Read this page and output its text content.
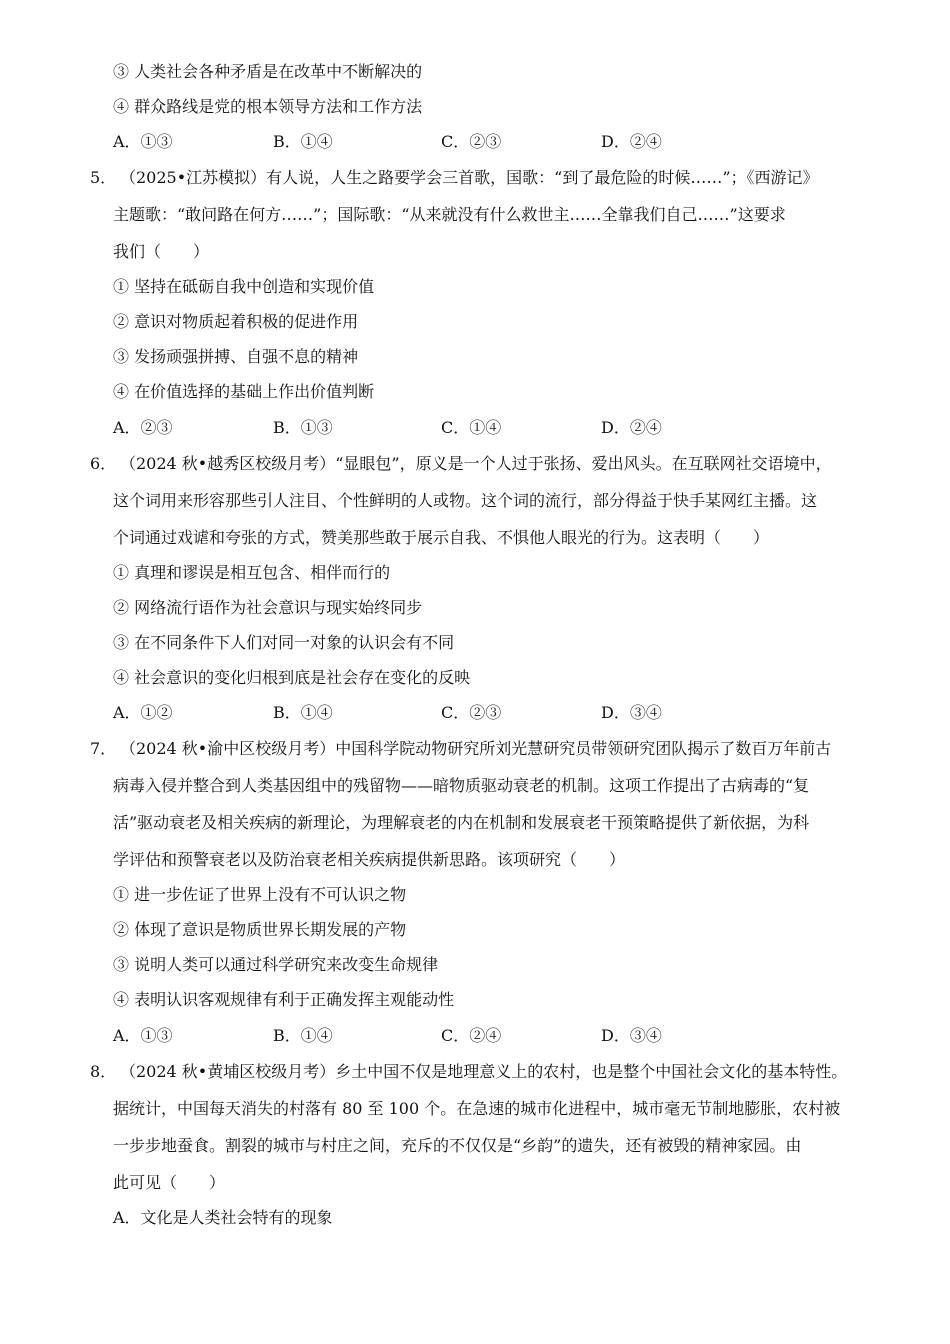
③ 人类社会各种矛盾是在改革中不断解决的
④ 群众路线是党的根本领导方法和工作方法
A．①③	B．①④	C．②③	D．②④
5． （2025•江苏模拟）有人说，人生之路要学会三首歌，国歌：“到了最危险的时候……”；《西游记》
主题歌：“敢问路在何方……”；国际歌：“从来就没有什么救世主……全靠我们自己……”这要求
我们（　　）
① 坚持在砥砺自我中创造和实现价值
② 意识对物质起着积极的促进作用
③ 发扬顽强拼搏、自强不息的精神
④ 在价值选择的基础上作出价值判断
A．②③	B．①③	C．①④	D．②④
6． （2024 秋•越秀区校级月考）“显眼包”，原义是一个人过于张扬、爱出风头。在互联网社交语境中，
这个词用来形容那些引人注目、个性鲜明的人或物。这个词的流行，部分得益于快手某网红主播。这
个词通过戏谑和夸张的方式，赞美那些敢于展示自我、不惧他人眼光的行为。这表明（　　）
① 真理和谬误是相互包含、相伴而行的
② 网络流行语作为社会意识与现实始终同步
③ 在不同条件下人们对同一对象的认识会有不同
④ 社会意识的变化归根到底是社会存在变化的反映
A．①②	B．①④	C．②③	D．③④
7． （2024 秋•渝中区校级月考）中国科学院动物研究所刘光慧研究员带领研究团队揭示了数百万年前古
病毒入侵并整合到人类基因组中的残留物——暗物质驱动衰老的机制。这项工作提出了古病毒的“复
活”驱动衰老及相关疾病的新理论，为理解衰老的内在机制和发展衰老干预策略提供了新依据，为科
学评估和预警衰老以及防治衰老相关疾病提供新思路。该项研究（　　）
① 进一步佐证了世界上没有不可认识之物
② 体现了意识是物质世界长期发展的产物
③ 说明人类可以通过科学研究来改变生命规律
④ 表明认识客观规律有利于正确发挥主观能动性
A．①③	B．①④	C．②④	D．③④
8． （2024 秋•黄埔区校级月考）乡土中国不仅是地理意义上的农村，也是整个中国社会文化的基本特性。
据统计，中国每天消失的村落有 80 至 100 个。在急速的城市化进程中，城市毫无节制地膨胀，农村被
一步步地蚕食。割裂的城市与村庄之间，充斥的不仅仅是“乡韵”的遗失，还有被毁的精神家园。由
此可见（　　）
A．文化是人类社会特有的现象
